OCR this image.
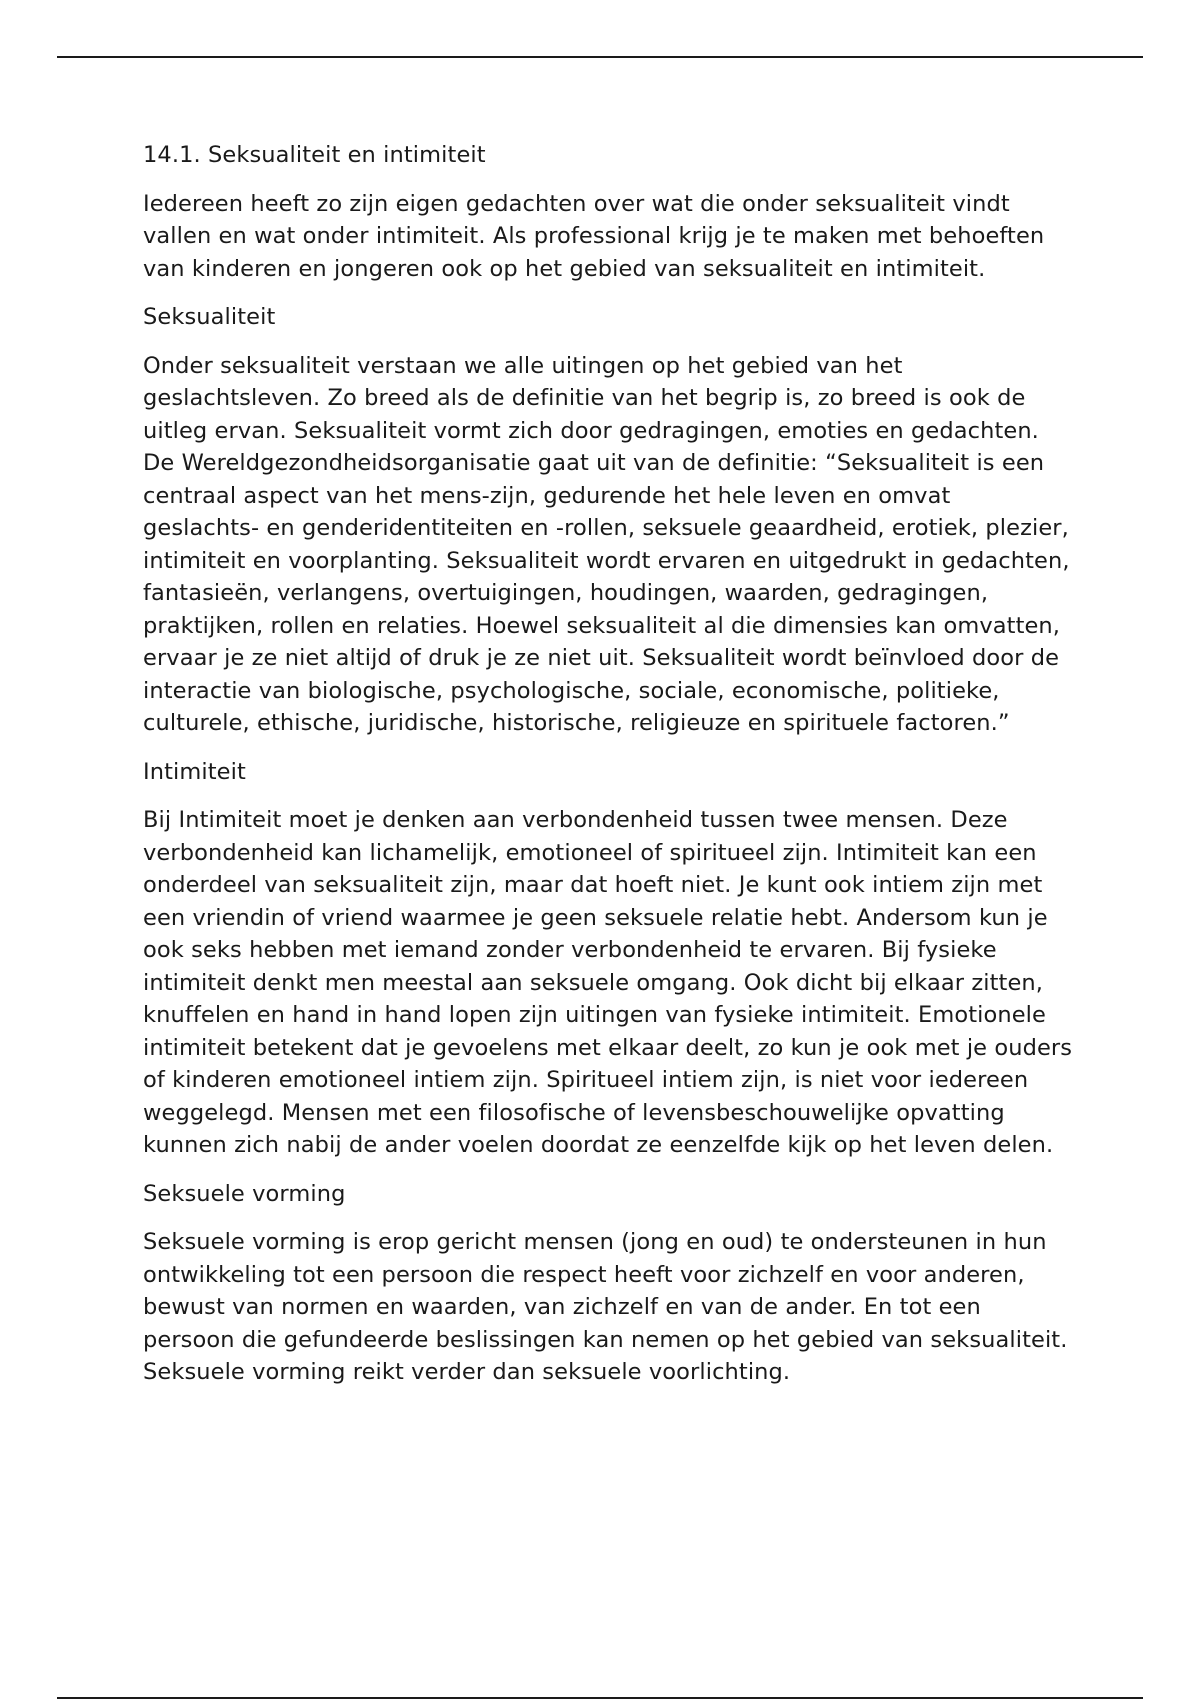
14.1. Seksualiteit en intimiteit

Iedereen heeft zo zijn eigen gedachten over wat die onder seksualiteit vindt vallen en wat onder intimiteit. Als professional krijg je te maken met behoeften van kinderen en jongeren ook op het gebied van seksualiteit en intimiteit.

Seksualiteit

Onder seksualiteit verstaan we alle uitingen op het gebied van het geslachtsleven. Zo breed als de definitie van het begrip is, zo breed is ook de uitleg ervan. Seksualiteit vormt zich door gedragingen, emoties en gedachten. De Wereldgezondheidsorganisatie gaat uit van de definitie: “Seksualiteit is een centraal aspect van het mens-zijn, gedurende het hele leven en omvat geslachts- en genderidentiteiten en -rollen, seksuele geaardheid, erotiek, plezier, intimiteit en voorplanting. Seksualiteit wordt ervaren en uitgedrukt in gedachten, fantasieën, verlangens, overtuigingen, houdingen, waarden, gedragingen, praktijken, rollen en relaties. Hoewel seksualiteit al die dimensies kan omvatten, ervaar je ze niet altijd of druk je ze niet uit. Seksualiteit wordt beïnvloed door de interactie van biologische, psychologische, sociale, economische, politieke, culturele, ethische, juridische, historische, religieuze en spirituele factoren.”

Intimiteit

Bij Intimiteit moet je denken aan verbondenheid tussen twee mensen. Deze verbondenheid kan lichamelijk, emotioneel of spiritueel zijn. Intimiteit kan een onderdeel van seksualiteit zijn, maar dat hoeft niet. Je kunt ook intiem zijn met een vriendin of vriend waarmee je geen seksuele relatie hebt. Andersom kun je ook seks hebben met iemand zonder verbondenheid te ervaren. Bij fysieke intimiteit denkt men meestal aan seksuele omgang. Ook dicht bij elkaar zitten, knuffelen en hand in hand lopen zijn uitingen van fysieke intimiteit. Emotionele intimiteit betekent dat je gevoelens met elkaar deelt, zo kun je ook met je ouders of kinderen emotioneel intiem zijn. Spiritueel intiem zijn, is niet voor iedereen weggelegd. Mensen met een filosofische of levensbeschouwelijke opvatting kunnen zich nabij de ander voelen doordat ze eenzelfde kijk op het leven delen.

Seksuele vorming

Seksuele vorming is erop gericht mensen (jong en oud) te ondersteunen in hun ontwikkeling tot een persoon die respect heeft voor zichzelf en voor anderen, bewust van normen en waarden, van zichzelf en van de ander. En tot een persoon die gefundeerde beslissingen kan nemen op het gebied van seksualiteit. Seksuele vorming reikt verder dan seksuele voorlichting.
